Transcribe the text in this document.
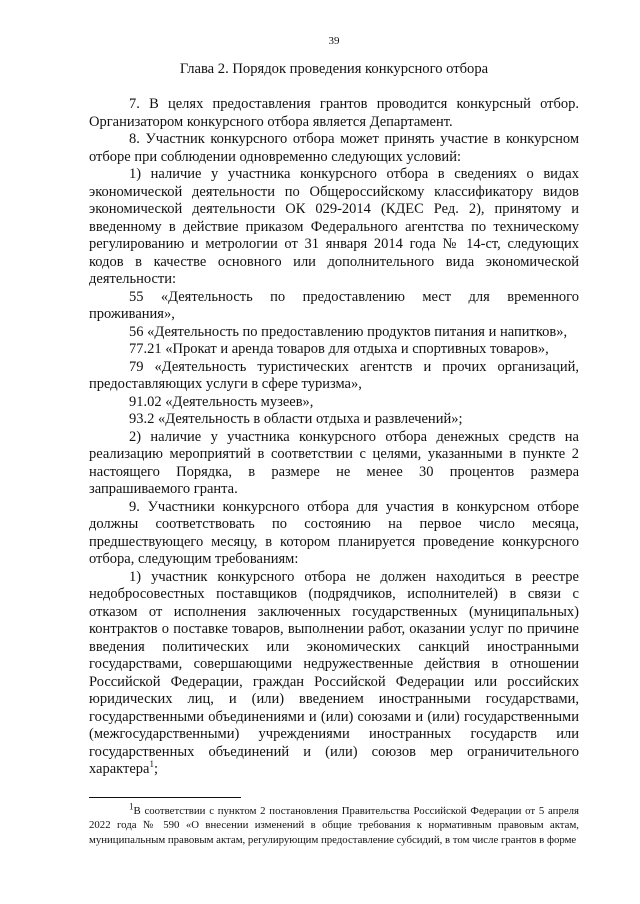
39
Глава 2. Порядок проведения конкурсного отбора

7. В целях предоставления грантов проводится конкурсный отбор. Организатором конкурсного отбора является Департамент.

8. Участник конкурсного отбора может принять участие в конкурсном отборе при соблюдении одновременно следующих условий:

1) наличие у участника конкурсного отбора в сведениях о видах экономической деятельности по Общероссийскому классификатору видов экономической деятельности ОК 029-2014 (КДЕС Ред. 2), принятому и введенному в действие приказом Федерального агентства по техническому регулированию и метрологии от 31 января 2014 года № 14-ст, следующих кодов в качестве основного или дополнительного вида экономической деятельности:

55 «Деятельность по предоставлению мест для временного проживания»,

56 «Деятельность по предоставлению продуктов питания и напитков»,

77.21 «Прокат и аренда товаров для отдыха и спортивных товаров»,

79 «Деятельность туристических агентств и прочих организаций, предоставляющих услуги в сфере туризма»,

91.02 «Деятельность музеев»,

93.2 «Деятельность в области отдыха и развлечений»;

2) наличие у участника конкурсного отбора денежных средств на реализацию мероприятий в соответствии с целями, указанными в пункте 2 настоящего Порядка, в размере не менее 30 процентов размера запрашиваемого гранта.

9. Участники конкурсного отбора для участия в конкурсном отборе должны соответствовать по состоянию на первое число месяца, предшествующего месяцу, в котором планируется проведение конкурсного отбора, следующим требованиям:

1) участник конкурсного отбора не должен находиться в реестре недобросовестных поставщиков (подрядчиков, исполнителей) в связи с отказом от исполнения заключенных государственных (муниципальных) контрактов о поставке товаров, выполнении работ, оказании услуг по причине введения политических или экономических санкций иностранными государствами, совершающими недружественные действия в отношении Российской Федерации, граждан Российской Федерации или российских юридических лиц, и (или) введением иностранными государствами, государственными объединениями и (или) союзами и (или) государственными (межгосударственными) учреждениями иностранных государств или государственных объединений и (или) союзов мер ограничительного характера$^1$;

$^1$В соответствии с пунктом 2 постановления Правительства Российской Федерации от 5 апреля 2022 года № 590 «О внесении изменений в общие требования к нормативным правовым актам, муниципальным правовым актам, регулирующим предоставление субсидий, в том числе грантов в форме
